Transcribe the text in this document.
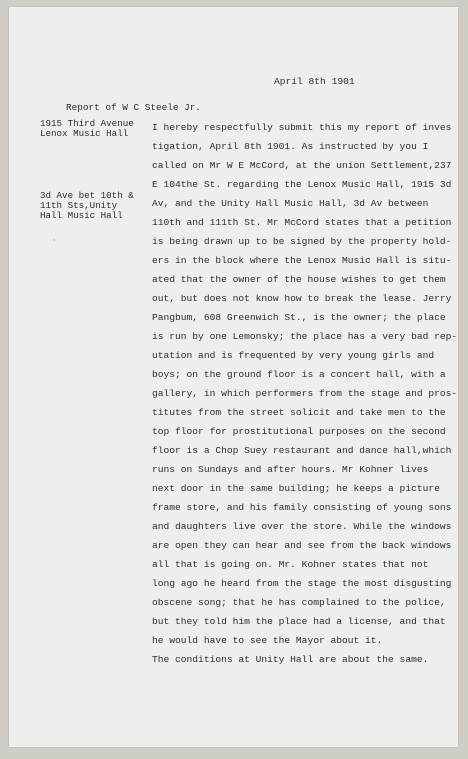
April 8th 1901

Report of W C Steele Jr.

1915 Third Avenue
Lenox Music Hall
3d Ave bet 10th &
11th Sts,Unity
Hall Music Hall
ˌ
I hereby respectfully submit this my report of inves
tigation, April 8th 1901. As instructed by you I
called on Mr W E McCord, at the union Settlement,237
E 104the St. regarding the Lenox Music Hall, 1915 3d
Av, and the Unity Hall Music Hall, 3d Av between
110th and 111th St. Mr McCord states that a petition
is being drawn up to be signed by the property hold-
ers in the block where the Lenox Music Hall is situ-
ated that the owner of the house wishes to get them
out, but does not know how to break the lease. Jerry
Pangbum, 608 Greenwich St., is the owner; the place
is run by one Lemonsky; the place has a very bad rep-
utation and is frequented by very young girls and
boys; on the ground floor is a concert hall, with a
gallery, in which performers from the stage and pros-
titutes from the street solicit and take men to the
top floor for prostitutional purposes on the second
floor is a Chop Suey restaurant and dance hall,which
runs on Sundays and after hours. Mr Kohner lives
next door in the same building; he keeps a picture
frame store, and his family consisting of young sons
and daughters live over the store. While the windows
are open they can hear and see from the back windows
all that is going on. Mr. Kohner states that not
long ago he heard from the stage the most disgusting
obscene song; that he has complained to the police,
but they told him the place had a license, and that
he would have to see the Mayor about it.
The conditions at Unity Hall are about the same.
